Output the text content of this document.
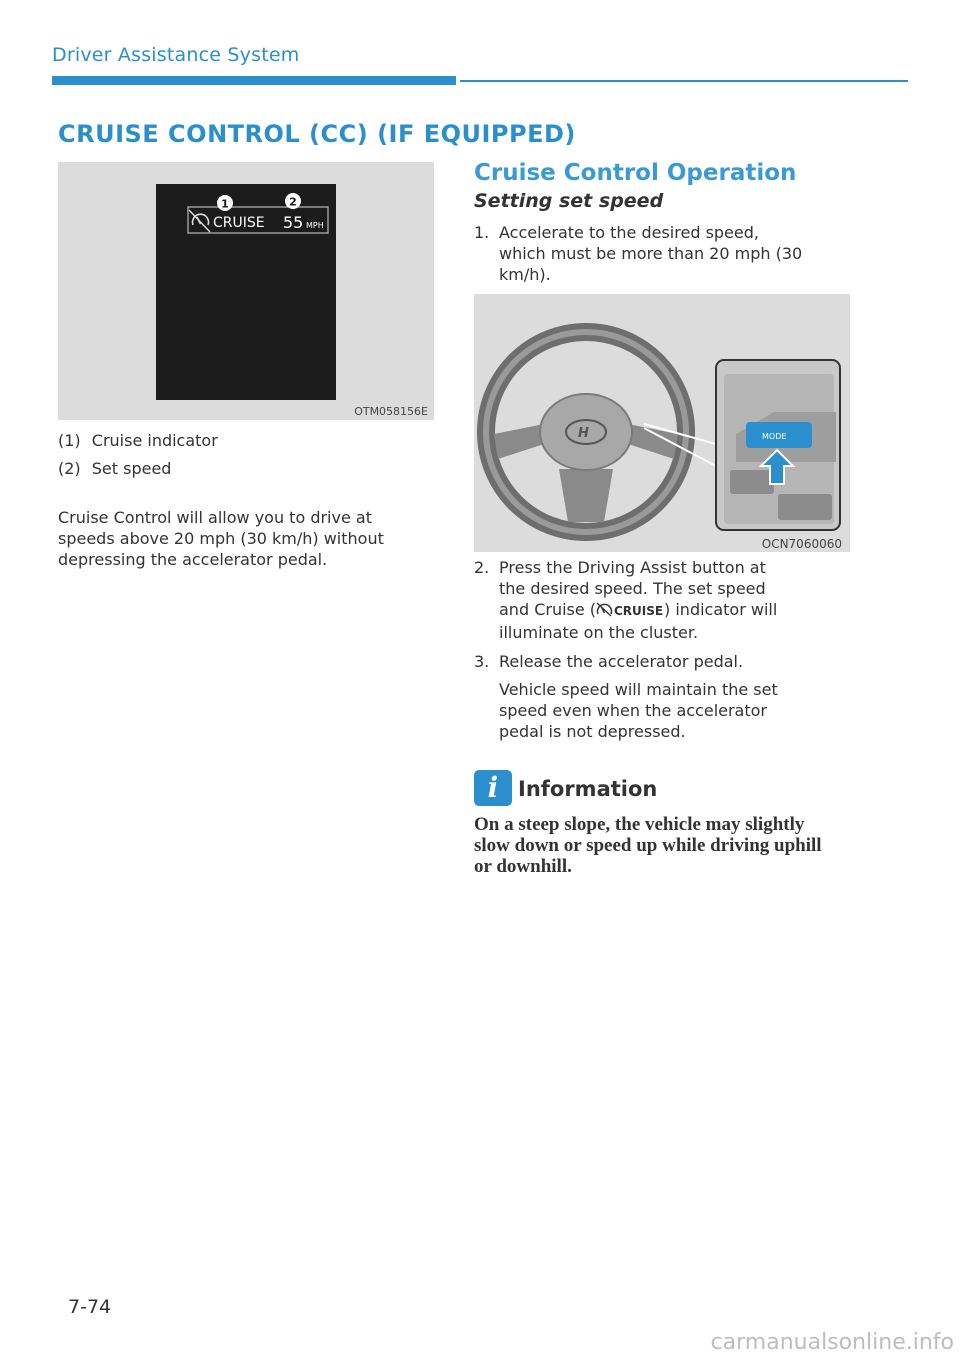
Driver Assistance System
CRUISE CONTROL (CC) (IF EQUIPPED)
CRUISE 55 MPH
1	2
OTM058156E
(1) Cruise indicator
(2) Set speed
Cruise Control will allow you to drive at
speeds above 20 mph (30 km/h) without
depressing the accelerator pedal.
Cruise Control Operation
Setting set speed
1. Accelerate to the desired speed,
which must be more than 20 mph (30
km/h).
H	MODE
OCN7060060
2. Press the Driving Assist button at
the desired speed. The set speed
and Cruise ( CRUISE ) indicator will
illuminate on the cluster.
3. Release the accelerator pedal.
Vehicle speed will maintain the set
speed even when the accelerator
pedal is not depressed.
i Information
On a steep slope, the vehicle may slightly
slow down or speed up while driving uphill
or downhill.
7-74
carmanualsonline.info
